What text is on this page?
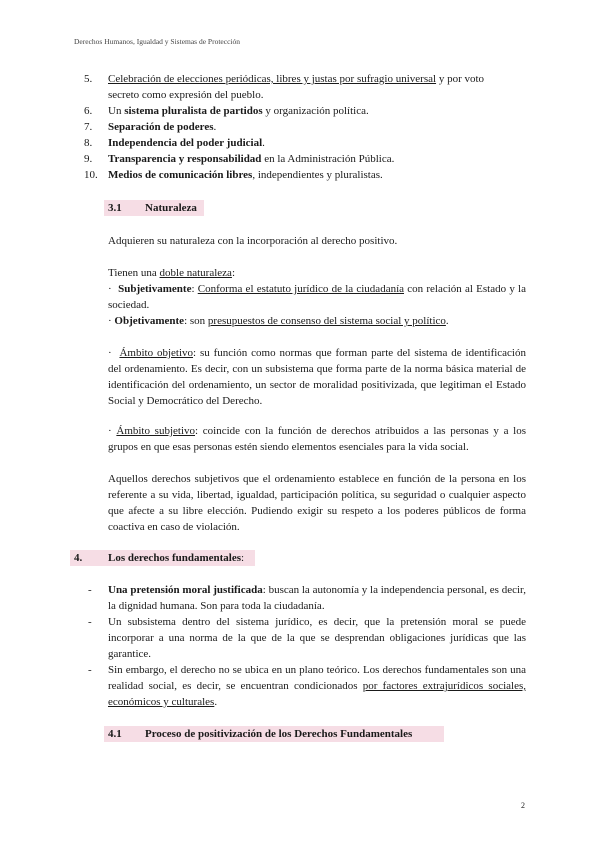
Derechos Humanos, Igualdad y Sistemas de Protección
5. Celebración de elecciones periódicas, libres y justas por sufragio universal y por voto
secreto como expresión del pueblo.
6. Un sistema pluralista de partidos y organización política.
7. Separación de poderes.
8. Independencia del poder judicial.
9. Transparencia y responsabilidad en la Administración Pública.
10. Medios de comunicación libres, independientes y pluralistas.
3.1 Naturaleza
Adquieren su naturaleza con la incorporación al derecho positivo.
Tienen una doble naturaleza:
· Subjetivamente: Conforma el estatuto jurídico de la ciudadanía con relación al Estado y la sociedad.
· Objetivamente: son presupuestos de consenso del sistema social y político.
· Ámbito objetivo: su función como normas que forman parte del sistema de identificación del ordenamiento. Es decir, con un subsistema que forma parte de la norma básica material de identificación del ordenamiento, un sector de moralidad positivizada, que legitiman el Estado Social y Democrático del Derecho.
· Ámbito subjetivo: coincide con la función de derechos atribuidos a las personas y a los grupos en que esas personas estén siendo elementos esenciales para la vida social.
Aquellos derechos subjetivos que el ordenamiento establece en función de la persona en los referente a su vida, libertad, igualdad, participación política, su seguridad o cualquier aspecto que afecte a su libre elección. Pudiendo exigir su respeto a los poderes públicos de forma coactiva en caso de violación.
4. Los derechos fundamentales:
- Una pretensión moral justificada: buscan la autonomía y la independencia personal, es decir, la dignidad humana. Son para toda la ciudadanía.
- Un subsistema dentro del sistema jurídico, es decir, que la pretensión moral se puede incorporar a una norma de la que de la que se desprendan obligaciones jurídicas que las garantice.
- Sin embargo, el derecho no se ubica en un plano teórico. Los derechos fundamentales son una realidad social, es decir, se encuentran condicionados por factores extrajurídicos sociales, económicos y culturales.
4.1 Proceso de positivización de los Derechos Fundamentales
2
